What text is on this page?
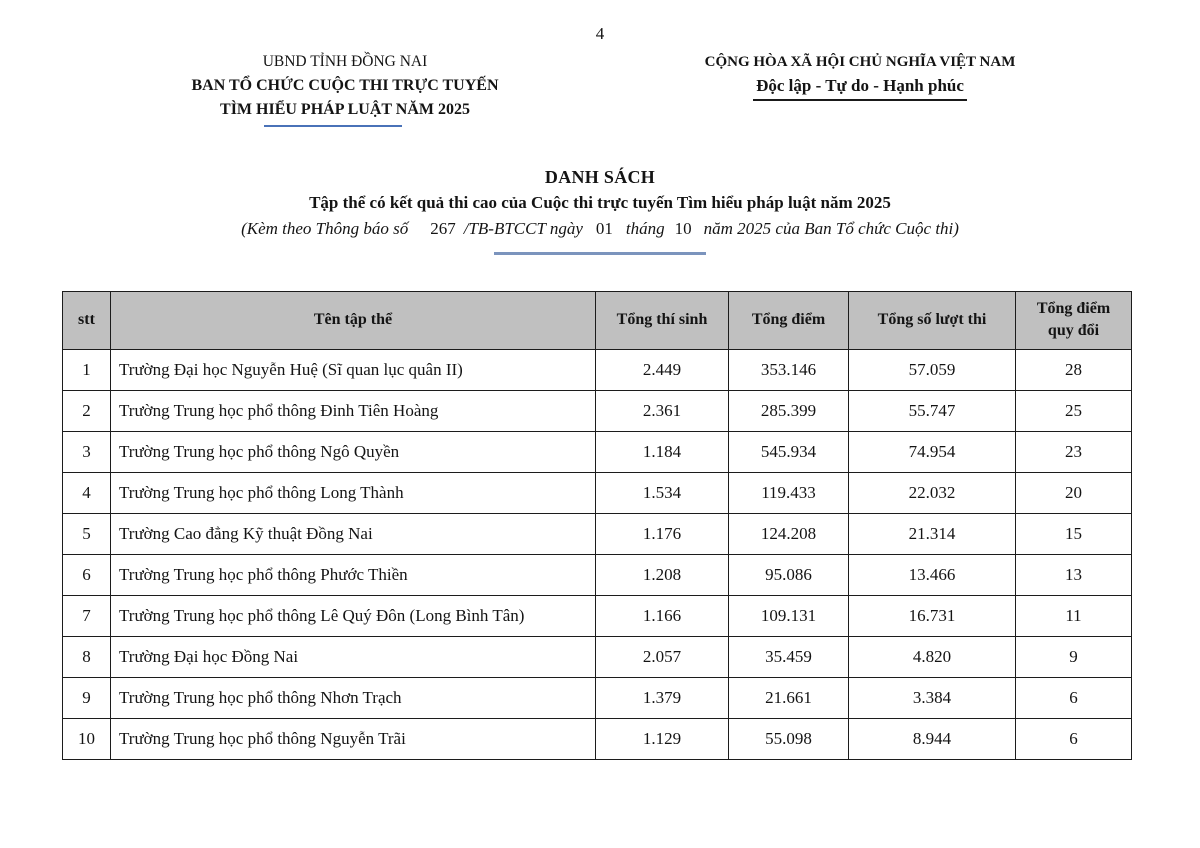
4
UBND TỈNH ĐỒNG NAI
BAN TỔ CHỨC CUỘC THI TRỰC TUYẾN
TÌM HIỂU PHÁP LUẬT NĂM 2025
CỘNG HÒA XÃ HỘI CHỦ NGHĨA VIỆT NAM
Độc lập - Tự do - Hạnh phúc
DANH SÁCH
Tập thể có kết quả thi cao của Cuộc thi trực tuyến Tìm hiểu pháp luật năm 2025
(Kèm theo Thông báo số 267 /TB-BTCCT ngày 01 tháng 10 năm 2025 của Ban Tổ chức Cuộc thi)
stt	Tên tập thể	Tổng thí sinh	Tổng điểm	Tổng số lượt thi	Tổng điểm quy đổi
1	Trường Đại học Nguyễn Huệ (Sĩ quan lục quân II)	2.449	353.146	57.059	28
2	Trường Trung học phổ thông Đinh Tiên Hoàng	2.361	285.399	55.747	25
3	Trường Trung học phổ thông Ngô Quyền	1.184	545.934	74.954	23
4	Trường Trung học phổ thông Long Thành	1.534	119.433	22.032	20
5	Trường Cao đẳng Kỹ thuật Đồng Nai	1.176	124.208	21.314	15
6	Trường Trung học phổ thông Phước Thiền	1.208	95.086	13.466	13
7	Trường Trung học phổ thông Lê Quý Đôn (Long Bình Tân)	1.166	109.131	16.731	11
8	Trường Đại học Đồng Nai	2.057	35.459	4.820	9
9	Trường Trung học phổ thông Nhơn Trạch	1.379	21.661	3.384	6
10	Trường Trung học phổ thông Nguyễn Trãi	1.129	55.098	8.944	6
